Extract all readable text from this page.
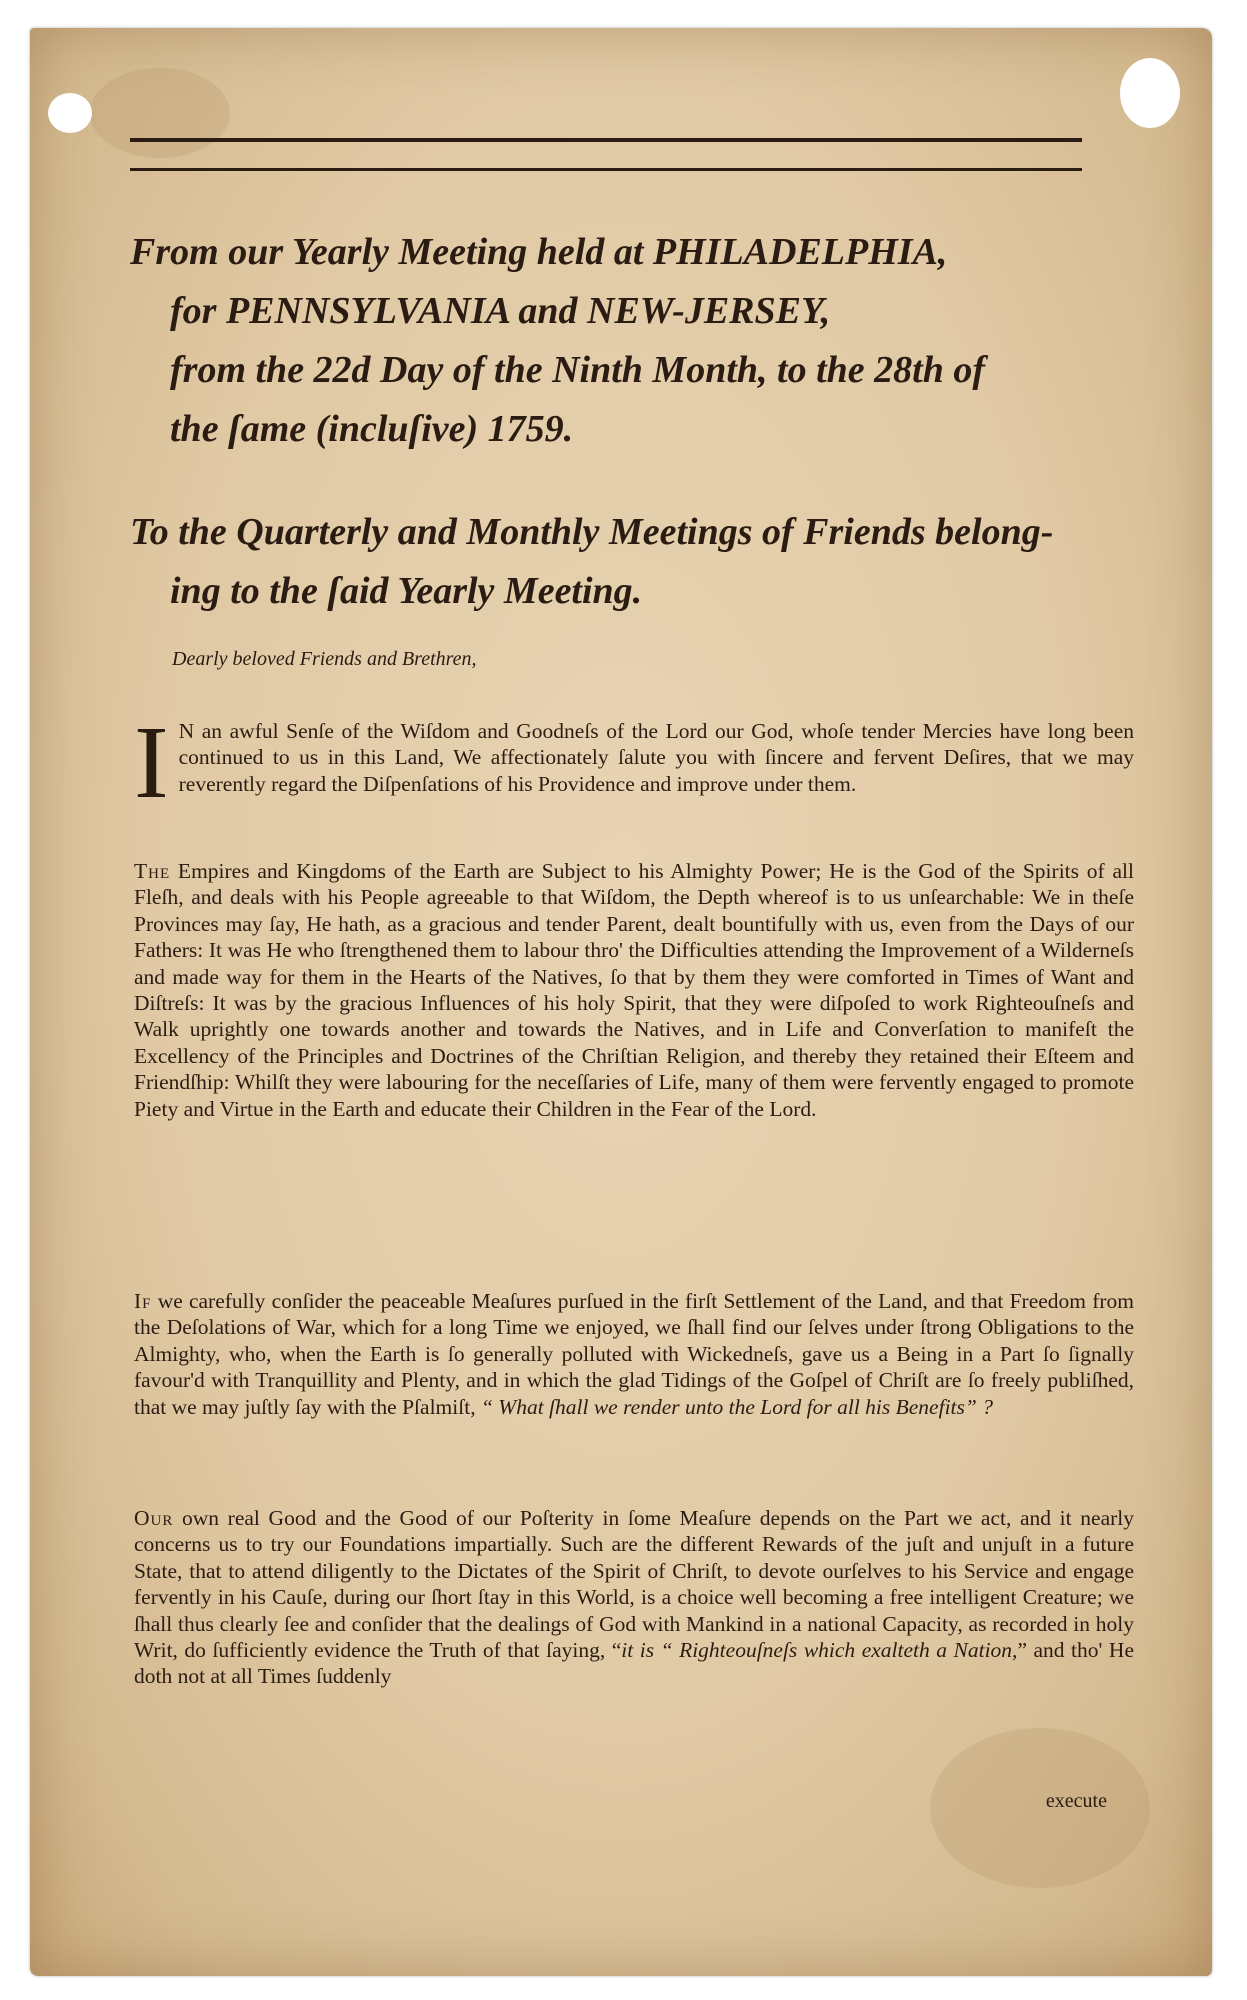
From our Yearly Meeting held at PHILADELPHIA,
for PENNSYLVANIA and NEW-JERSEY,
from the 22d Day of the Ninth Month, to the 28th of
the ſame (incluſive) 1759.
To the Quarterly and Monthly Meetings of Friends belong-
ing to the ſaid Yearly Meeting.
Dearly beloved Friends and Brethren,

I N an awful Senſe of the Wiſdom and Goodneſs of the Lord our God, whoſe tender Mercies have long been continued to us in this Land, We affectionately ſalute you with ſincere and fervent Deſires, that we may reverently regard the Diſpenſations of his Providence and improve under them.

The Empires and Kingdoms of the Earth are Subject to his Almighty Power; He is the God of the Spirits of all Fleſh, and deals with his People agreeable to that Wiſdom, the Depth whereof is to us unſearchable: We in theſe Provinces may ſay, He hath, as a gracious and tender Parent, dealt bountifully with us, even from the Days of our Fathers: It was He who ſtrengthened them to labour thro' the Difficulties attending the Improvement of a Wilderneſs and made way for them in the Hearts of the Natives, ſo that by them they were comforted in Times of Want and Diſtreſs: It was by the gracious Influences of his holy Spirit, that they were diſpoſed to work Righteouſneſs and Walk uprightly one towards another and towards the Natives, and in Life and Converſation to manifeſt the Excellency of the Principles and Doctrines of the Chriſtian Religion, and thereby they retained their Eſteem and Friendſhip: Whilſt they were labouring for the neceſſaries of Life, many of them were fervently engaged to promote Piety and Virtue in the Earth and educate their Children in the Fear of the Lord.

If we carefully conſider the peaceable Meaſures purſued in the firſt Settlement of the Land, and that Freedom from the Deſolations of War, which for a long Time we enjoyed, we ſhall find our ſelves under ſtrong Obligations to the Almighty, who, when the Earth is ſo generally polluted with Wickedneſs, gave us a Being in a Part ſo ſignally favour'd with Tranquillity and Plenty, and in which the glad Tidings of the Goſpel of Chriſt are ſo freely publiſhed, that we may juſtly ſay with the Pſalmiſt, “ What ſhall we render unto the Lord for all his Benefits” ?

Our own real Good and the Good of our Poſterity in ſome Meaſure depends on the Part we act, and it nearly concerns us to try our Foundations impartially. Such are the different Rewards of the juſt and unjuſt in a future State, that to attend diligently to the Dictates of the Spirit of Chriſt, to devote ourſelves to his Service and engage fervently in his Cauſe, during our ſhort ſtay in this World, is a choice well becoming a free intelligent Creature; we ſhall thus clearly ſee and conſider that the dealings of God with Mankind in a national Capacity, as recorded in holy Writ, do ſufficiently evidence the Truth of that ſaying, “it is “ Righteouſneſs which exalteth a Nation,” and tho' He doth not at all Times ſuddenly

execute
